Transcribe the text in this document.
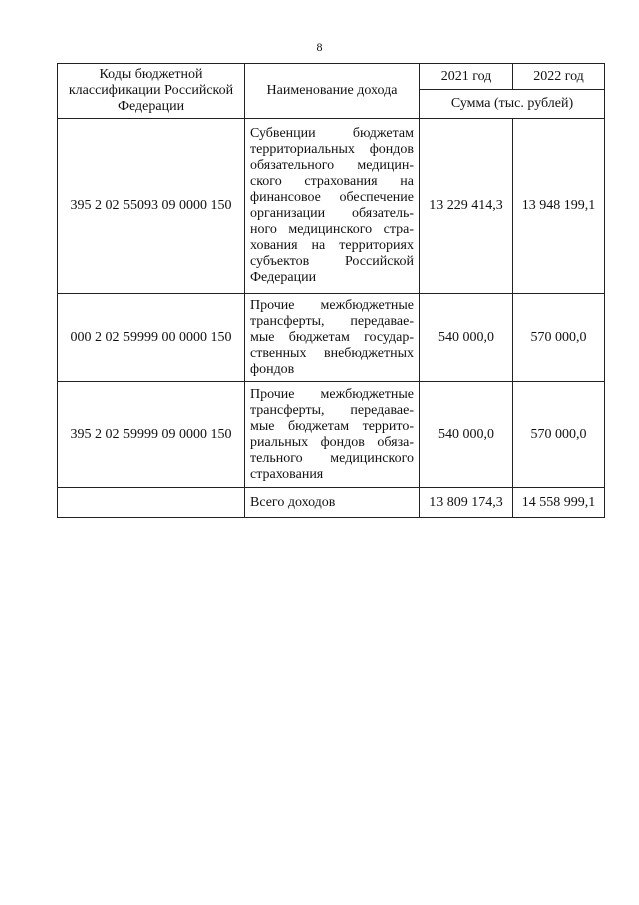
8
Коды бюджетной классификации Российской Федерации	Наименование дохода	2021 год	2022 год
		Сумма (тыс. рублей)	
395 2 02 55093 09 0000 150	Субвенции бюджетам территориальных фондов обязательного медицин-ского страхования на финансовое обеспечение организации обязатель-ного медицинского стра-хования на территориях субъектов Российской Федерации	13 229 414,3	13 948 199,1
000 2 02 59999 00 0000 150	Прочие межбюджетные трансферты, передавае-мые бюджетам государ-ственных внебюджетных фондов	540 000,0	570 000,0
395 2 02 59999 09 0000 150	Прочие межбюджетные трансферты, передавае-мые бюджетам террито-риальных фондов обяза-тельного медицинского страхования	540 000,0	570 000,0
	Всего доходов	13 809 174,3	14 558 999,1
